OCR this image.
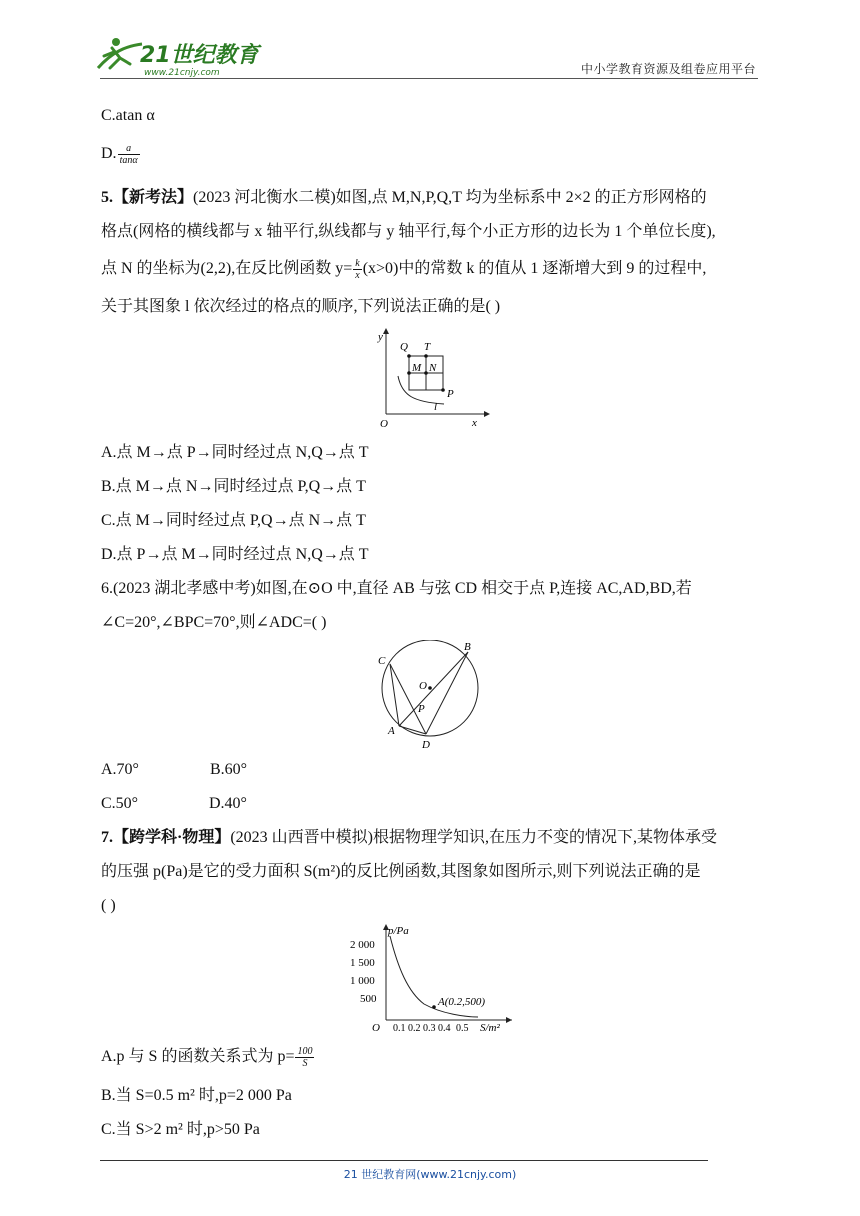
21世纪教育
www.21cnjy.com	中小学教育资源及组卷应用平台
C.atan α
D. $\frac{a}{\tan\alpha}$
5.【新考法】(2023 河北衡水二模)如图,点 M,N,P,Q,T 均为坐标系中 2×2 的正方形网格的
格点(网格的横线都与 x 轴平行,纵线都与 y 轴平行,每个小正方形的边长为 1 个单位长度),
点 N 的坐标为(2,2),在反比例函数 $y= \frac{k}{x} (x>0)$中的常数 k 的值从 1 逐渐增大到 9 的过程中,
关于其图象 l 依次经过的格点的顺序,下列说法正确的是( )
y
x
O
Q T
M N
P
l
A.点 M→点 P→同时经过点 N,Q→点 T
B.点 M→点 N→同时经过点 P,Q→点 T
C.点 M→同时经过点 P,Q→点 N→点 T
D.点 P→点 M→同时经过点 N,Q→点 T
6.(2023 湖北孝感中考)如图,在⊙O 中,直径 AB 与弦 CD 相交于点 P,连接 AC,AD,BD,若
∠C=20°,∠BPC=70°,则∠ADC=( )
C
B
O
P
A
D
A.70°	B.60°
C.50°	D.40°
7.【跨学科·物理】(2023 山西晋中模拟)根据物理学知识,在压力不变的情况下,某物体承受
的压强 p(Pa)是它的受力面积 S(m²)的反比例函数,其图象如图所示,则下列说法正确的是
( )
p/Pa
S/m²
O
2 000
1 500
1 000
500
0.1 0.2 0.3 0.4 0.5
A(0.2,500)
A.p 与 S 的函数关系式为 $p= \frac{100}{S}$
B.当 S=0.5 m² 时,p=2 000 Pa
C.当 S>2 m² 时,p>50 Pa
21 世纪教育网(www.21cnjy.com)
